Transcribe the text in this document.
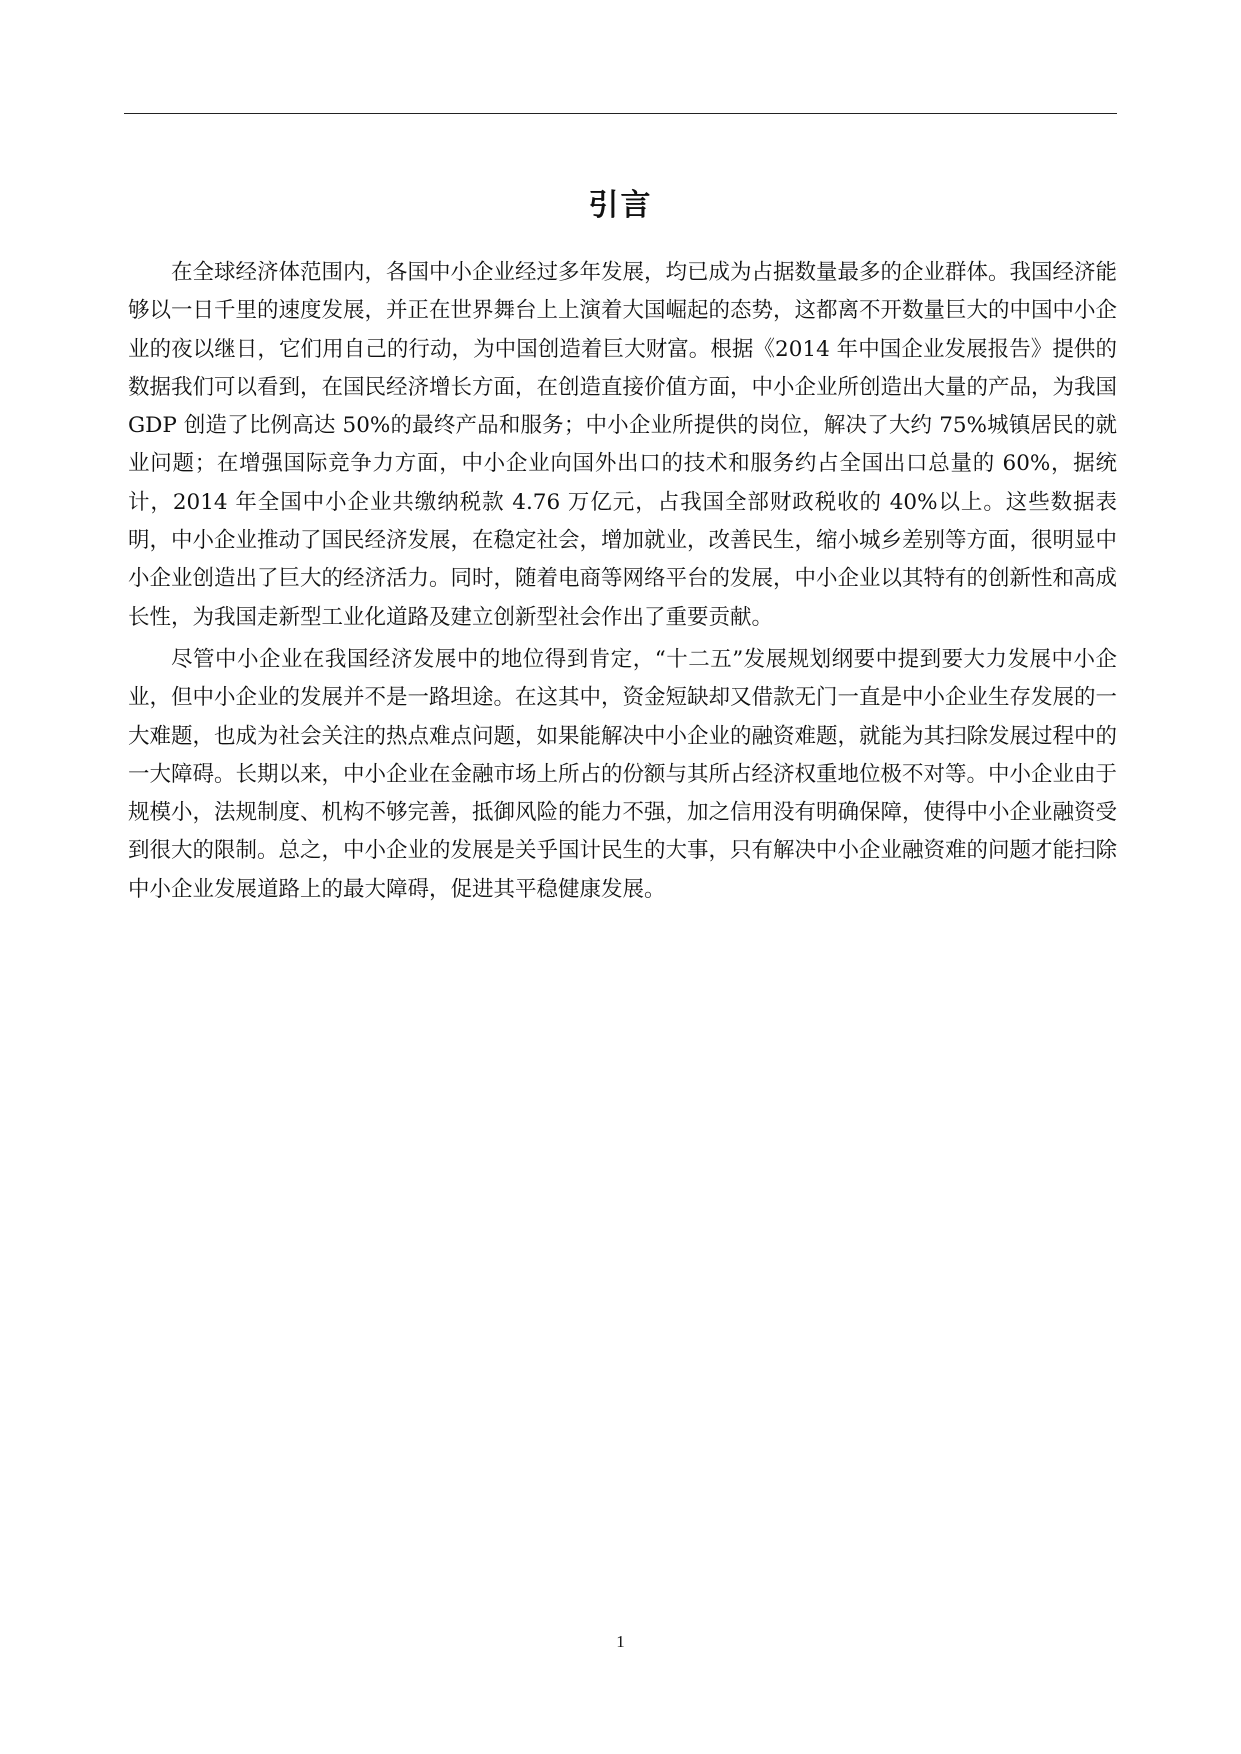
引言

在全球经济体范围内，各国中小企业经过多年发展，均已成为占据数量最多的企业群体。我国经济能够以一日千里的速度发展，并正在世界舞台上上演着大国崛起的态势，这都离不开数量巨大的中国中小企业的夜以继日，它们用自己的行动，为中国创造着巨大财富。根据《2014 年中国企业发展报告》提供的数据我们可以看到，在国民经济增长方面，在创造直接价值方面，中小企业所创造出大量的产品，为我国 GDP 创造了比例高达 50%的最终产品和服务；中小企业所提供的岗位，解决了大约 75%城镇居民的就业问题；在增强国际竞争力方面，中小企业向国外出口的技术和服务约占全国出口总量的 60%，据统计，2014 年全国中小企业共缴纳税款 4.76 万亿元，占我国全部财政税收的 40%以上。这些数据表明，中小企业推动了国民经济发展，在稳定社会，增加就业，改善民生，缩小城乡差别等方面，很明显中小企业创造出了巨大的经济活力。同时，随着电商等网络平台的发展，中小企业以其特有的创新性和高成长性，为我国走新型工业化道路及建立创新型社会作出了重要贡献。

尽管中小企业在我国经济发展中的地位得到肯定，“十二五”发展规划纲要中提到要大力发展中小企业，但中小企业的发展并不是一路坦途。在这其中，资金短缺却又借款无门一直是中小企业生存发展的一大难题，也成为社会关注的热点难点问题，如果能解决中小企业的融资难题，就能为其扫除发展过程中的一大障碍。长期以来，中小企业在金融市场上所占的份额与其所占经济权重地位极不对等。中小企业由于规模小，法规制度、机构不够完善，抵御风险的能力不强，加之信用没有明确保障，使得中小企业融资受到很大的限制。总之，中小企业的发展是关乎国计民生的大事，只有解决中小企业融资难的问题才能扫除中小企业发展道路上的最大障碍，促进其平稳健康发展。

1
